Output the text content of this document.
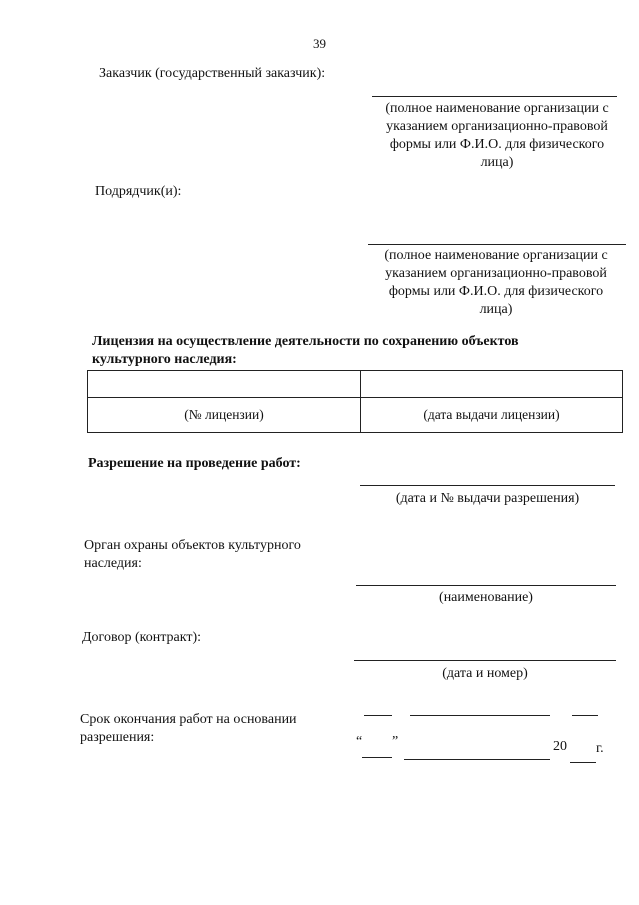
39
Заказчик (государственный заказчик):
(полное наименование организации с
указанием организационно-правовой
формы или Ф.И.О. для физического
лица)
Подрядчик(и):
(полное наименование организации с
указанием организационно-правовой
формы или Ф.И.О. для физического
лица)
Лицензия на осуществление деятельности по сохранению объектов
культурного наследия:

(№ лицензии)	(дата выдачи лицензии)
Разрешение на проведение работ:
(дата и № выдачи разрешения)
Орган охраны объектов культурного
наследия:
(наименование)
Договор (контракт):
(дата и номер)
Срок окончания работ на основании
разрешения:	“ ”	20 г.
